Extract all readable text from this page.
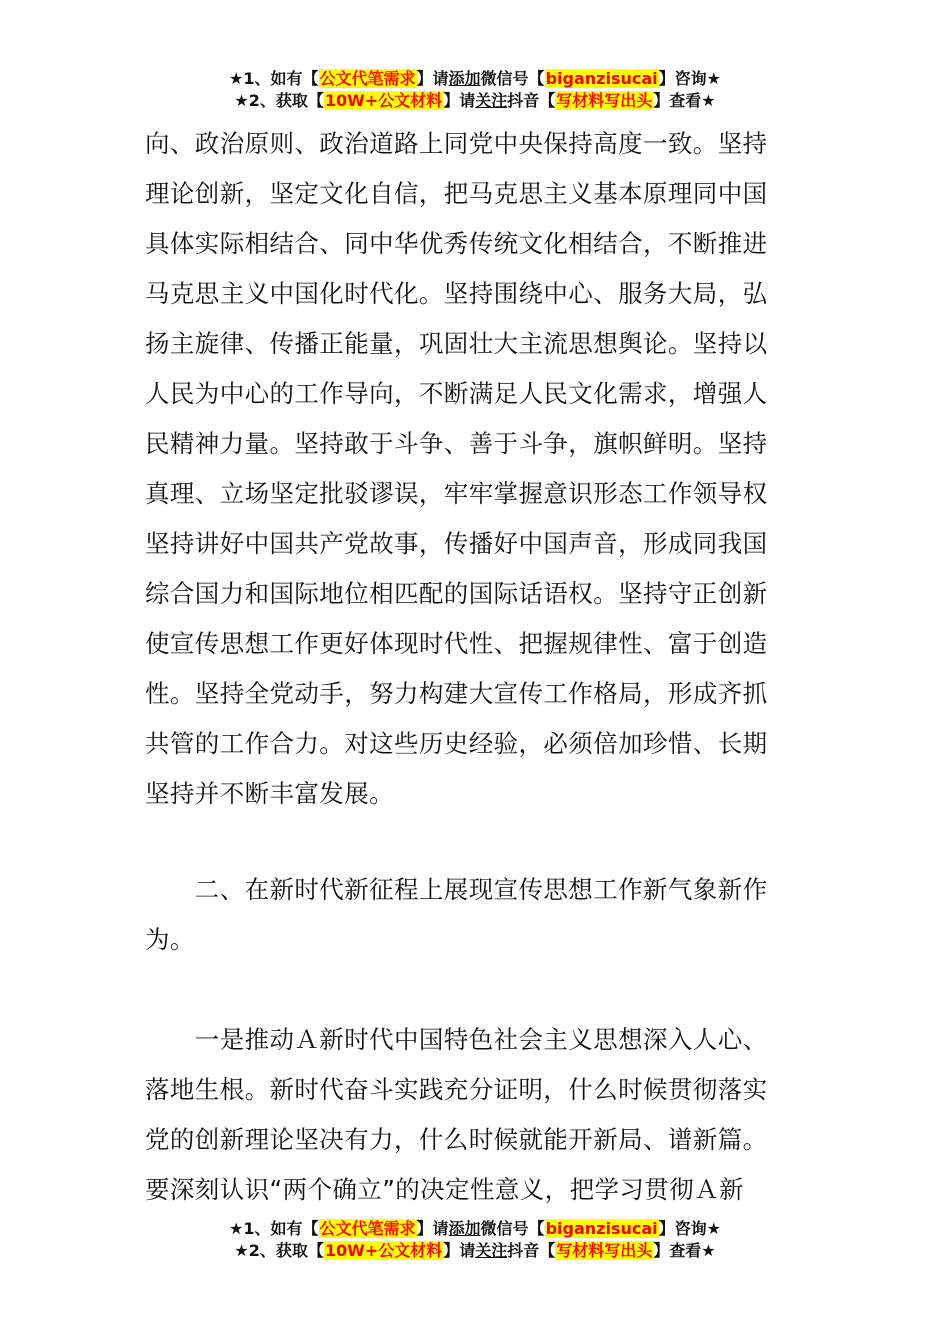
★1、如有【公文代笔需求】请添加微信号【biganzisucai】咨询★
★2、获取【10W+公文材料】请关注抖音【写材料写出头】查看★
向、政治原则、政治道路上同党中央保持高度一致。坚持
理论创新，坚定文化自信，把马克思主义基本原理同中国
具体实际相结合、同中华优秀传统文化相结合，不断推进
马克思主义中国化时代化。坚持围绕中心、服务大局，弘
扬主旋律、传播正能量，巩固壮大主流思想舆论。坚持以
人民为中心的工作导向，不断满足人民文化需求，增强人
民精神力量。坚持敢于斗争、善于斗争，旗帜鲜明。坚持
真理、立场坚定批驳谬误，牢牢掌握意识形态工作领导权
坚持讲好中国共产党故事，传播好中国声音，形成同我国
综合国力和国际地位相匹配的国际话语权。坚持守正创新
使宣传思想工作更好体现时代性、把握规律性、富于创造
性。坚持全党动手，努力构建大宣传工作格局，形成齐抓
共管的工作合力。对这些历史经验，必须倍加珍惜、长期
坚持并不断丰富发展。
　　二、在新时代新征程上展现宣传思想工作新气象新作
为。
　　一是推动Ａ新时代中国特色社会主义思想深入人心、
落地生根。新时代奋斗实践充分证明，什么时候贯彻落实
党的创新理论坚决有力，什么时候就能开新局、谱新篇。
要深刻认识“两个确立”的决定性意义，把学习贯彻Ａ新
★1、如有【公文代笔需求】请添加微信号【biganzisucai】咨询★
★2、获取【10W+公文材料】请关注抖音【写材料写出头】查看★
